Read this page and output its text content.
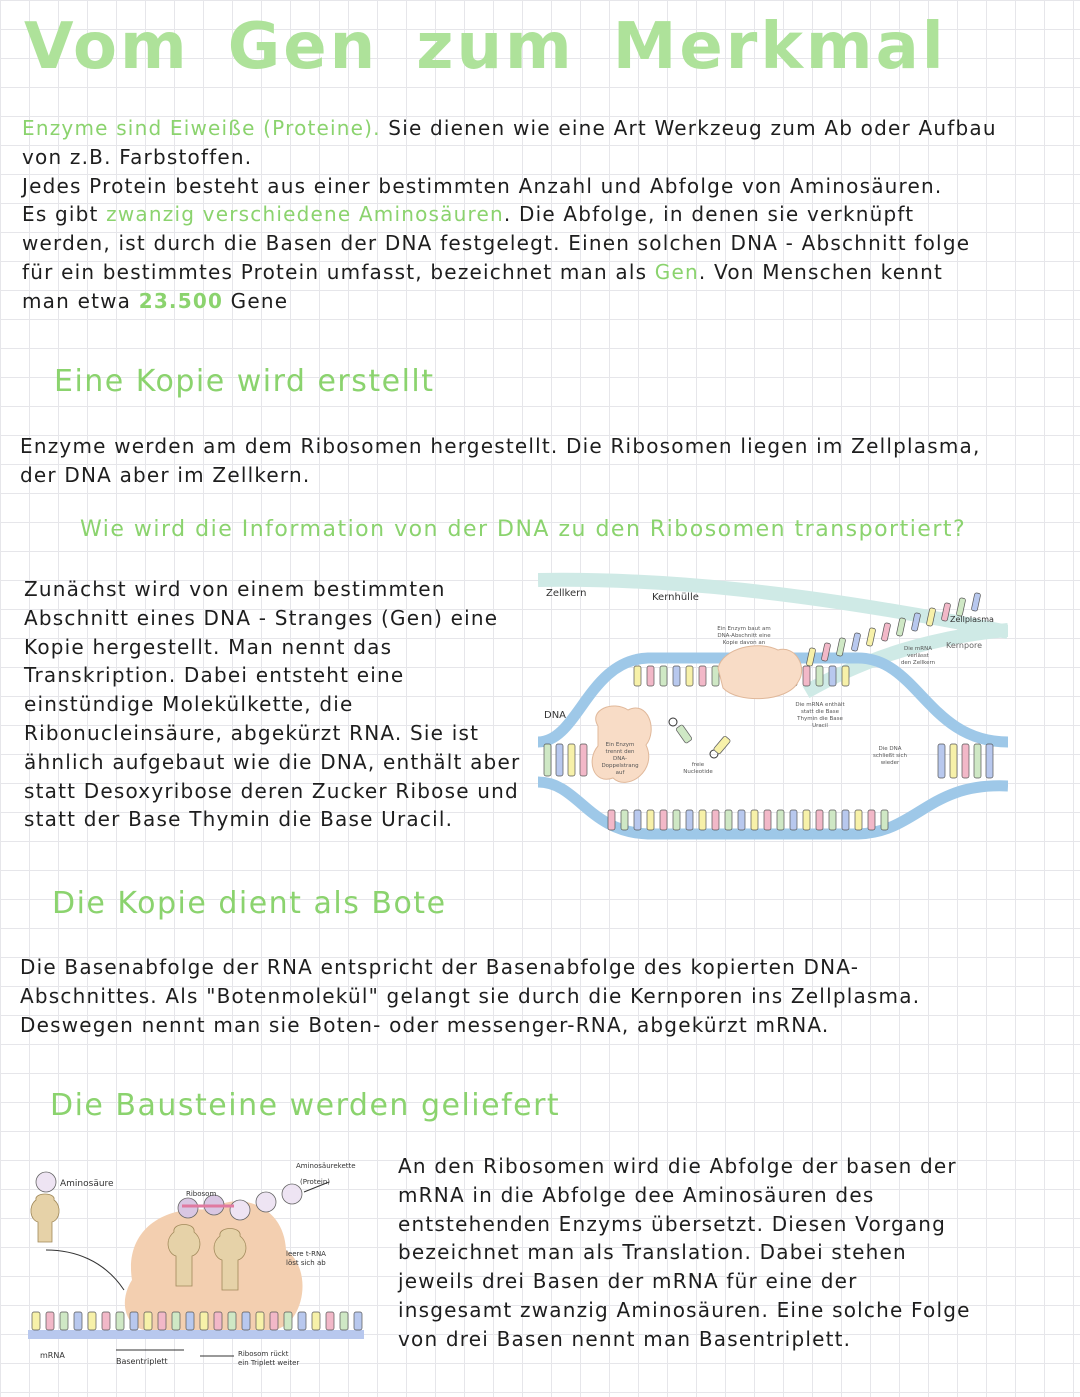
Vom Gen zum Merkmal
Enzyme sind Eiweiße (Proteine). Sie dienen wie eine Art Werkzeug zum Ab oder Aufbau
von z.B. Farbstoffen.
Jedes Protein besteht aus einer bestimmten Anzahl und Abfolge von Aminosäuren.
Es gibt zwanzig verschiedene Aminosäuren. Die Abfolge, in denen sie verknüpft
werden, ist durch die Basen der DNA festgelegt. Einen solchen DNA - Abschnitt folge
für ein bestimmtes Protein umfasst, bezeichnet man als Gen. Von Menschen kennt
man etwa 23.500 Gene
Eine Kopie wird erstellt
Enzyme werden am dem Ribosomen hergestellt. Die Ribosomen liegen im Zellplasma,
der DNA aber im Zellkern.
Wie wird die Information von der DNA zu den Ribosomen transportiert?
Zunächst wird von einem bestimmten
Abschnitt eines DNA - Stranges (Gen) eine
Kopie hergestellt. Man nennt das
Transkription. Dabei entsteht eine
einstündige Molekülkette, die
Ribonucleinsäure, abgekürzt RNA. Sie ist
ähnlich aufgebaut wie die DNA, enthält aber
statt Desoxyribose deren Zucker Ribose und
statt der Base Thymin die Base Uracil.
Zellkern	Kernhülle
Zellplasma
Kernpore
DNA
Ein Enzym
trennt den
DNA-
Doppelstrang
auf
freie
Nucleotide
Ein Enzym baut am
DNA-Abschnitt eine
Kopie davon an
Die mRNA enthält
statt die Base
Thymin die Base
Uracil
Die mRNA
verlässt
den Zellkern
Die DNA
schließt sich
wieder
Die Kopie dient als Bote
Die Basenabfolge der RNA entspricht der Basenabfolge des kopierten DNA-
Abschnittes. Als "Botenmolekül" gelangt sie durch die Kernporen ins Zellplasma.
Deswegen nennt man sie Boten- oder messenger-RNA, abgekürzt mRNA.
Die Bausteine werden geliefert
An den Ribosomen wird die Abfolge der basen der
mRNA in die Abfolge dee Aminosäuren des
entstehenden Enzyms übersetzt. Diesen Vorgang
bezeichnet man als Translation. Dabei stehen
jeweils drei Basen der mRNA für eine der
insgesamt zwanzig Aminosäuren. Eine solche Folge
von drei Basen nennt man Basentriplett.
Aminosäure
Aminosäurekette
(Protein)
Ribosom
leere t-RNA
löst sich ab
mRNA
Basentriplett
Ribosom rückt
ein Triplett weiter
